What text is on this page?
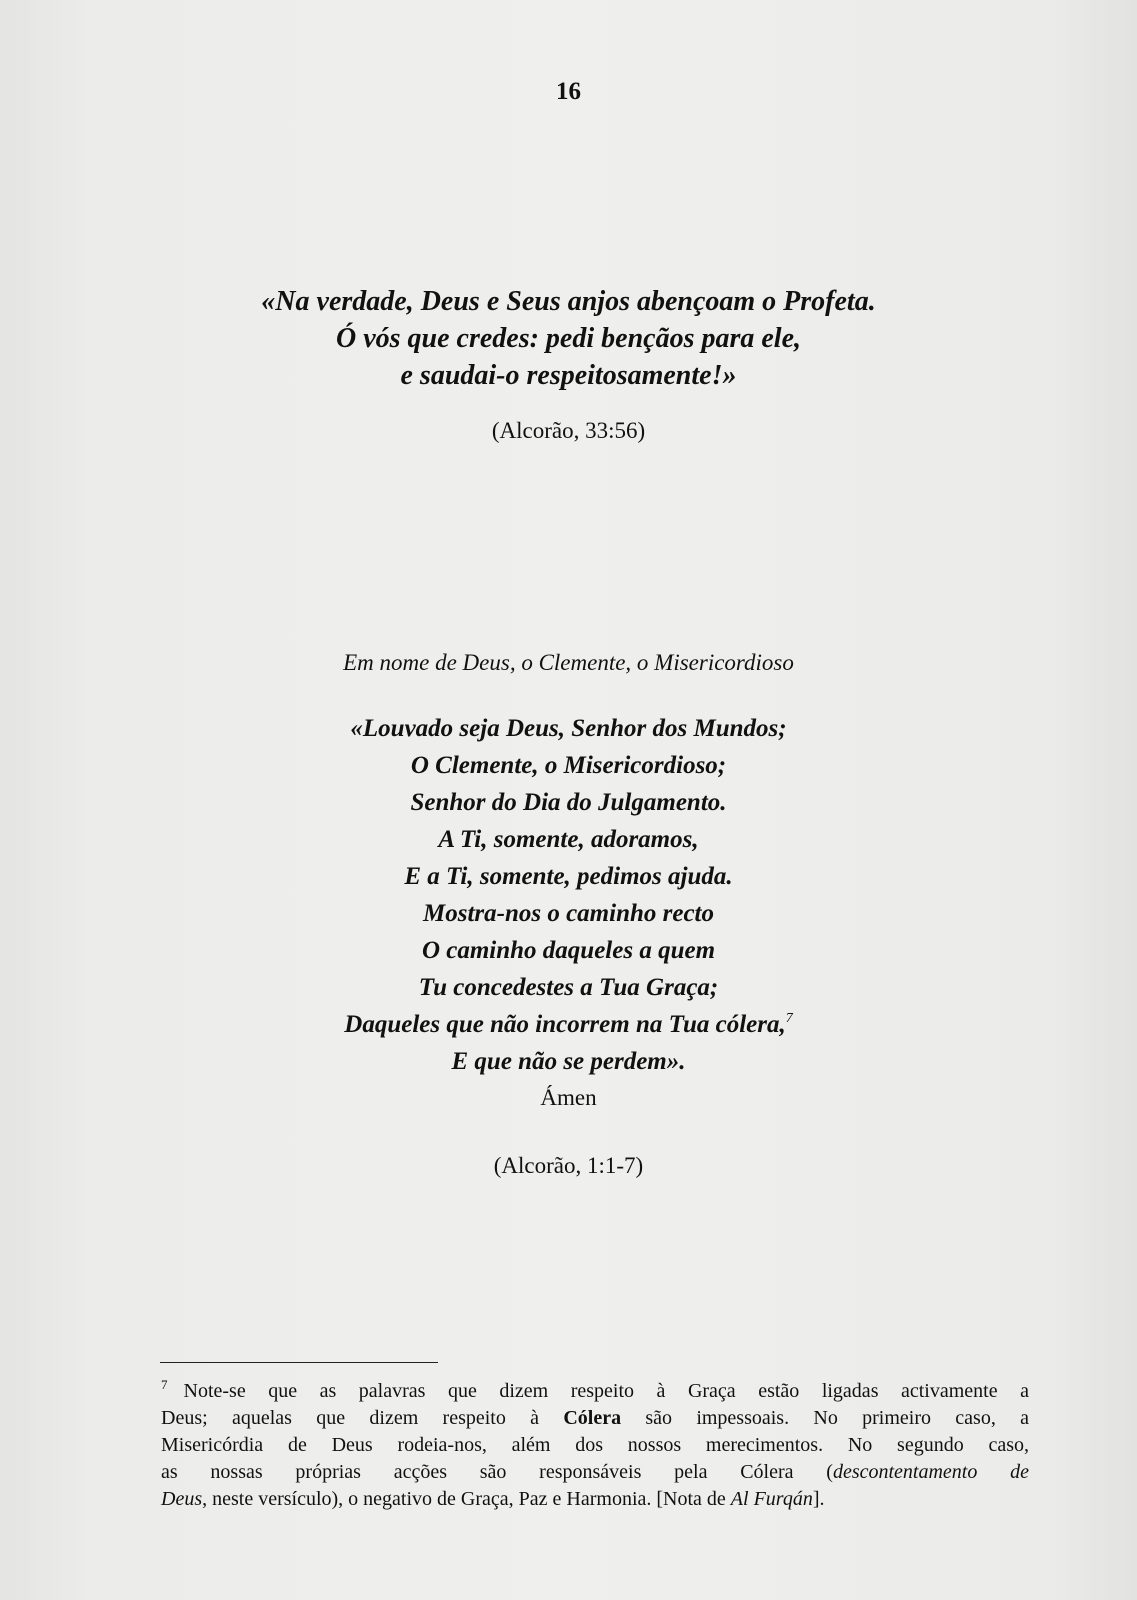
16
«Na verdade, Deus e Seus anjos abençoam o Profeta.
Ó vós que credes: pedi bençãos para ele,
e saudai-o respeitosamente!»
(Alcorão, 33:56)
Em nome de Deus, o Clemente, o Misericordioso
«Louvado seja Deus, Senhor dos Mundos;
O Clemente, o Misericordioso;
Senhor do Dia do Julgamento.
A Ti, somente, adoramos,
E a Ti, somente, pedimos ajuda.
Mostra-nos o caminho recto
O caminho daqueles a quem
Tu concedestes a Tua Graça;
Daqueles que não incorrem na Tua cólera,$^7$
E que não se perdem».
Ámen
(Alcorão, 1:1-7)
$^7$ Note-se que as palavras que dizem respeito à Graça estão ligadas activamente a
Deus; aquelas que dizem respeito à Cólera são impessoais. No primeiro caso, a
Misericórdia de Deus rodeia-nos, além dos nossos merecimentos. No segundo caso,
as nossas próprias acções são responsáveis pela Cólera (descontentamento de
Deus, neste versículo), o negativo de Graça, Paz e Harmonia. [Nota de Al Furqán].
